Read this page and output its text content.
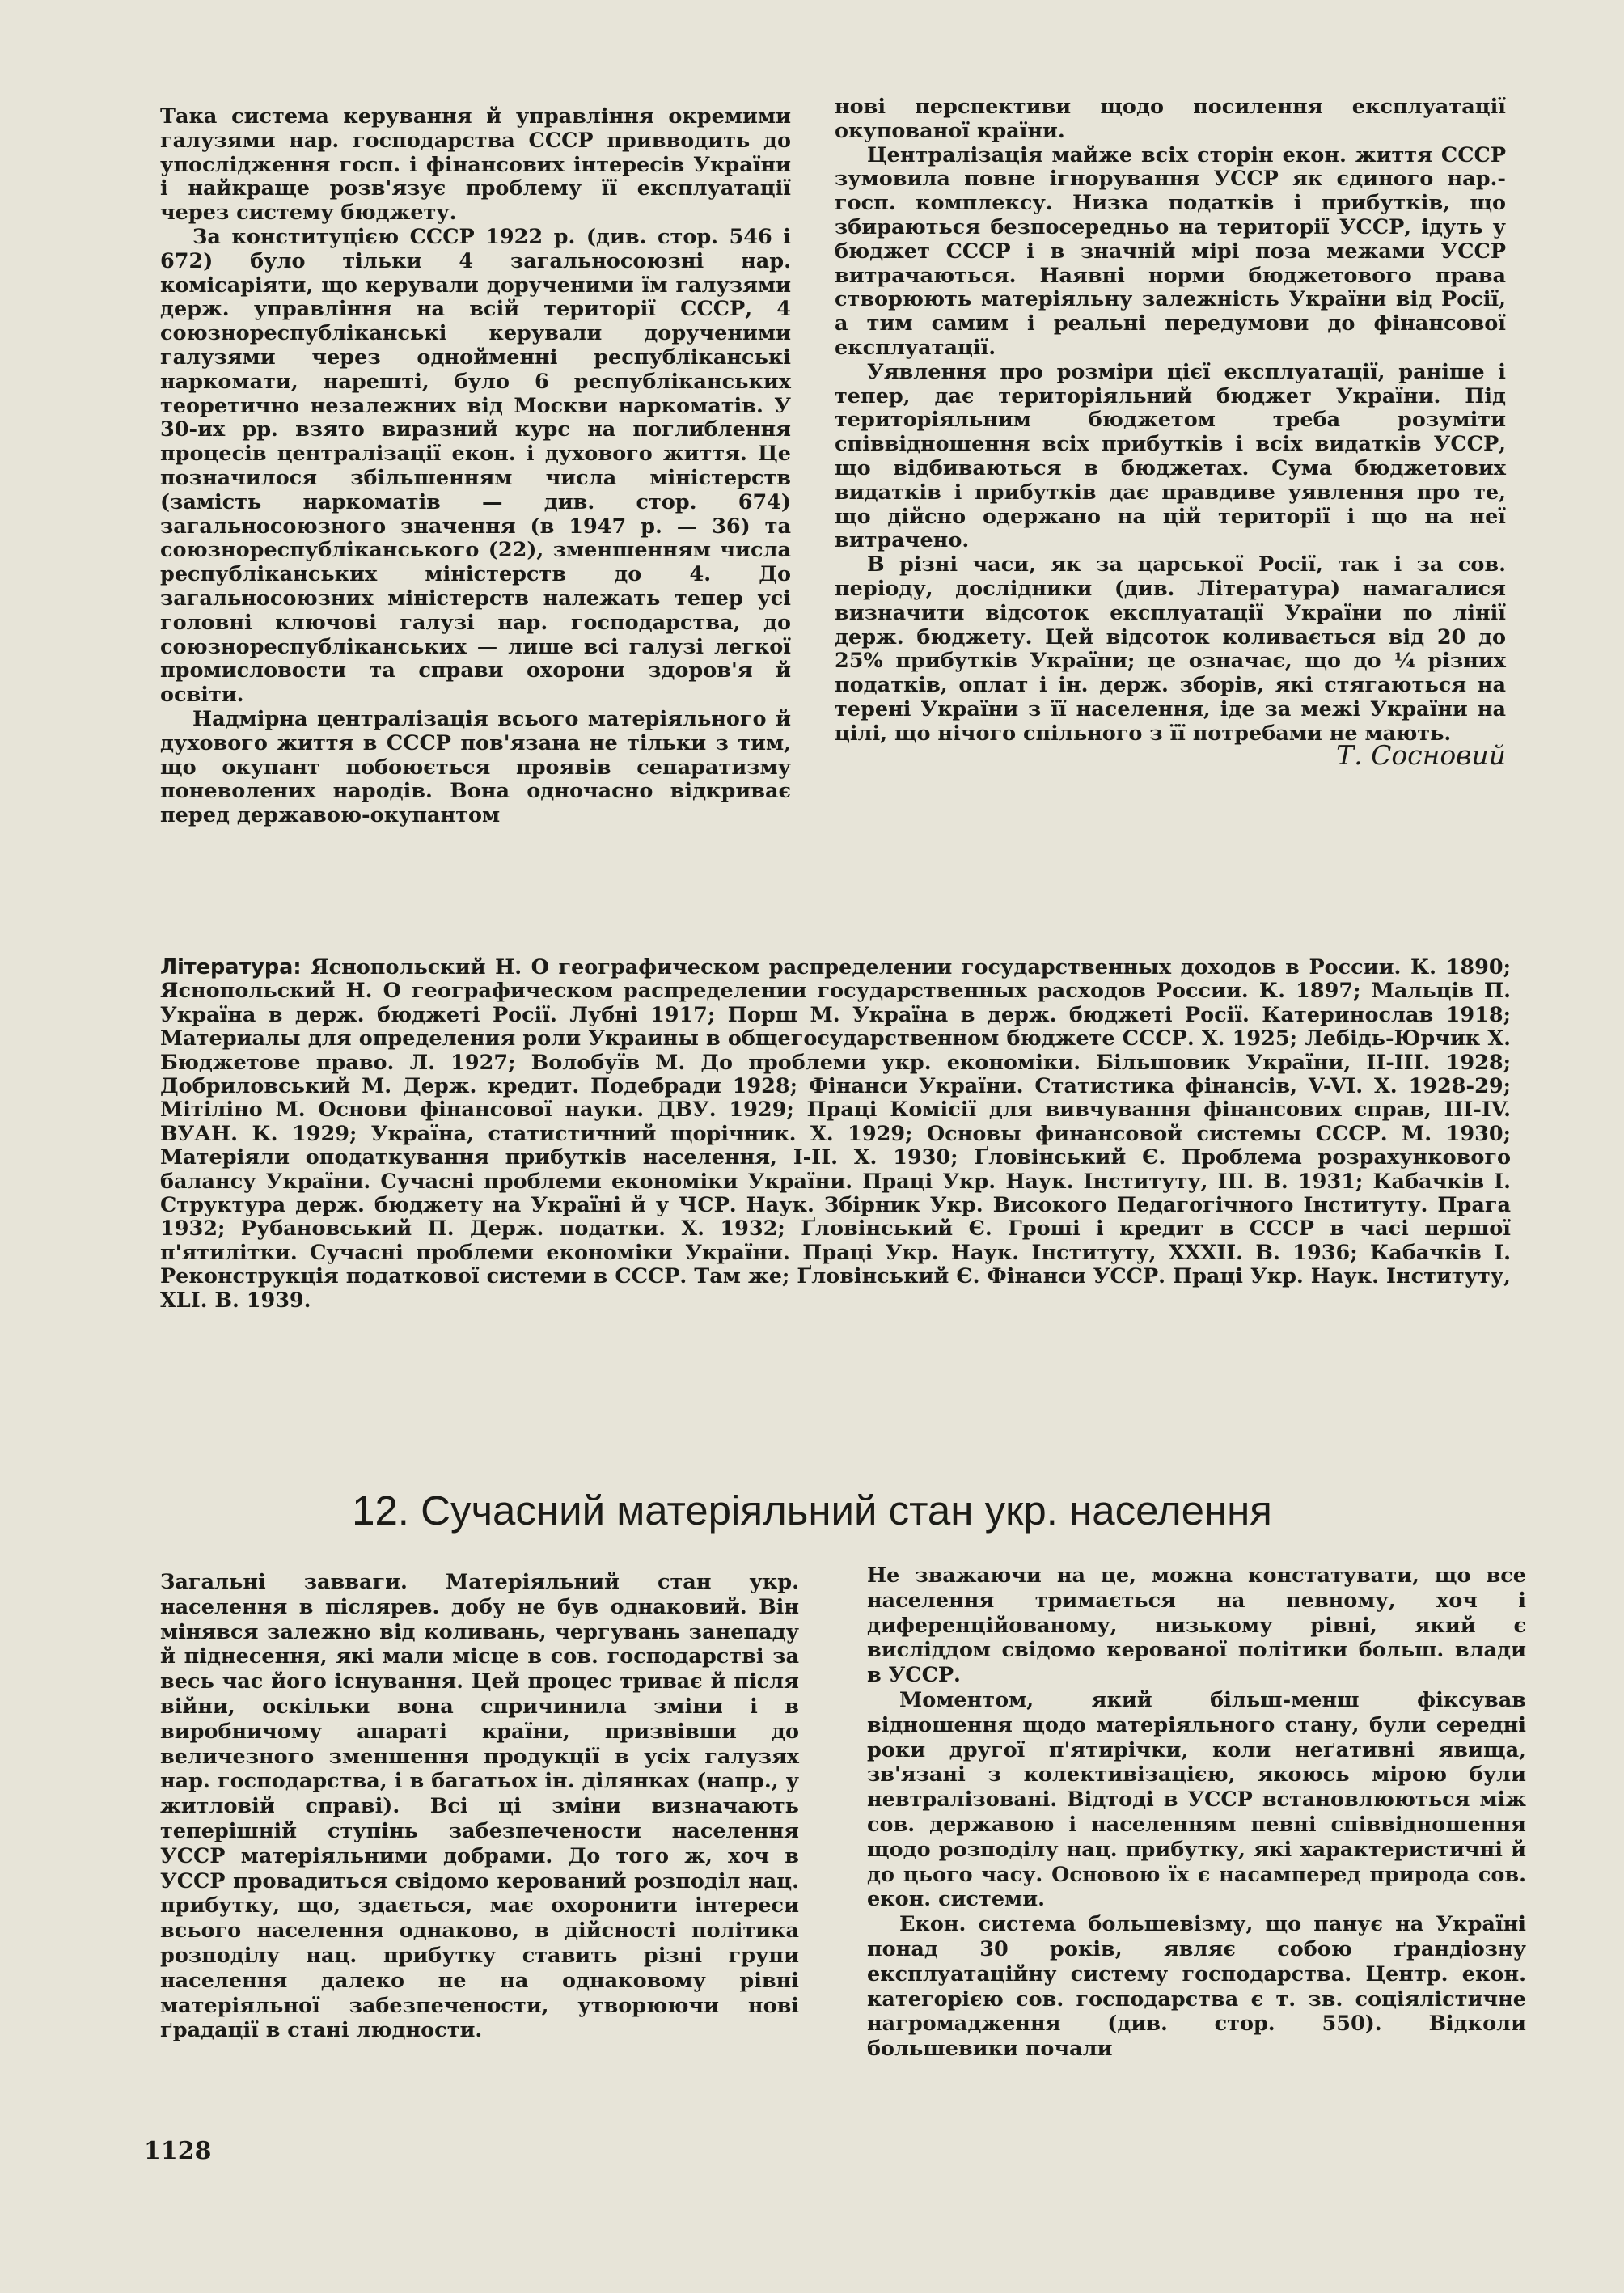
Така система керування й управління окремими галузями нар. господарства СССР привводить до упослідження госп. і фінансових інтересів України і найкраще розв'язує проблему її експлуатації через систему бюджету.

За конституцією СССР 1922 р. (див. стор. 546 і 672) було тільки 4 загальносоюзні нар. комісаріяти, що керували дорученими їм галузями держ. управління на всій території СССР, 4 союзнореспубліканські керували дорученими галузями через однойменні республіканські наркомати, нарешті, було 6 республіканських теоретично незалежних від Москви наркоматів. У 30-их рр. взято виразний курс на поглиблення процесів централізації екон. і духового життя. Це позначилося збільшенням числа міністерств (замість наркоматів — див. стор. 674) загальносоюзного значення (в 1947 р. — 36) та союзнореспубліканського (22), зменшенням числа республіканських міністерств до 4. До загальносоюзних міністерств належать тепер усі головні ключові галузі нар. господарства, до союзнореспубліканських — лише всі галузі легкої промисловости та справи охорони здоров'я й освіти.

Надмірна централізація всього матеріяльного й духового життя в СССР пов'язана не тільки з тим, що окупант побоюється проявів сепаратизму поневолених народів. Вона одночасно відкриває перед державою-окупантом

нові перспективи щодо посилення експлуатації окупованої країни.

Централізація майже всіх сторін екон. життя СССР зумовила повне ігнорування УССР як єдиного нар.-госп. комплексу. Низка податків і прибутків, що збираються безпосередньо на території УССР, ідуть у бюджет СССР і в значній мірі поза межами УССР витрачаються. Наявні норми бюджетового права створюють матеріяльну залежність України від Росії, а тим самим і реальні передумови до фінансової експлуатації.

Уявлення про розміри цієї експлуатації, раніше і тепер, дає територіяльний бюджет України. Під територіяльним бюджетом треба розуміти співвідношення всіх прибутків і всіх видатків УССР, що відбиваються в бюджетах. Сума бюджетових видатків і прибутків дає правдиве уявлення про те, що дійсно одержано на цій території і що на неї витрачено.

В різні часи, як за царської Росії, так і за сов. періоду, дослідники (див. Література) намагалися визначити відсоток експлуатації України по лінії держ. бюджету. Цей відсоток коливається від 20 до 25% прибутків України; це означає, що до ¼ різних податків, оплат і ін. держ. зборів, які стягаються на терені України з її населення, іде за межі України на цілі, що нічого спільного з її потребами не мають.

Т. Сосновий
Література: Яснопольский Н. О географическом распределении государственных доходов в России. К. 1890; Яснопольский Н. О географическом распределении государственных расходов России. К. 1897; Мальців П. Україна в держ. бюджеті Росії. Лубні 1917; Порш М. Україна в держ. бюджеті Росії. Катеринослав 1918; Материалы для определения роли Украины в общегосударственном бюджете СССР. Х. 1925; Лебідь-Юрчик Х. Бюджетове право. Л. 1927; Волобуїв М. До проблеми укр. економіки. Більшовик України, II-III. 1928; Добриловський М. Держ. кредит. Подебради 1928; Фінанси України. Статистика фінансів, V-VI. Х. 1928-29; Мітіліно М. Основи фінансової науки. ДВУ. 1929; Праці Комісії для вивчування фінансових справ, III-IV. ВУАН. К. 1929; Україна, статистичний щорічник. Х. 1929; Основы финансовой системы СССР. М. 1930; Матеріяли оподаткування прибутків населення, I-II. Х. 1930; Ґловінський Є. Проблема розрахункового балансу України. Сучасні проблеми економіки України. Праці Укр. Наук. Інституту, III. В. 1931; Кабачків І. Структура держ. бюджету на Україні й у ЧСР. Наук. Збірник Укр. Високого Педагогічного Інституту. Прага 1932; Рубановський П. Держ. податки. Х. 1932; Ґловінський Є. Гроші і кредит в СССР в часі першої п'ятилітки. Сучасні проблеми економіки України. Праці Укр. Наук. Інституту, XXXII. В. 1936; Кабачків І. Реконструкція податкової системи в СССР. Там же; Ґловінський Є. Фінанси УССР. Праці Укр. Наук. Інституту, XLI. В. 1939.
12. Сучасний матеріяльний стан укр. населення

Загальні завваги. Матеріяльний стан укр. населення в післярев. добу не був однаковий. Він мінявся залежно від коливань, чергувань занепаду й піднесення, які мали місце в сов. господарстві за весь час його існування. Цей процес триває й після війни, оскільки вона спричинила зміни і в виробничому апараті країни, призвівши до величезного зменшення продукції в усіх галузях нар. господарства, і в багатьох ін. ділянках (напр., у житловій справі). Всі ці зміни визначають теперішній ступінь забезпечености населення УССР матеріяльними добрами. До того ж, хоч в УССР провадиться свідомо керований розподіл нац. прибутку, що, здається, має охоронити інтереси всього населення однаково, в дійсності політика розподілу нац. прибутку ставить різні групи населення далеко не на однаковому рівні матеріяльної забезпечености, утворюючи нові ґрадації в стані людности.

Не зважаючи на це, можна констатувати, що все населення тримається на певному, хоч і диференційованому, низькому рівні, який є висліддом свідомо керованої політики больш. влади в УССР.

Моментом, який більш-менш фіксував відношення щодо матеріяльного стану, були середні роки другої п'ятирічки, коли неґативні явища, зв'язані з колективізацією, якоюсь мірою були невтралізовані. Відтоді в УССР встановлюються між сов. державою і населенням певні співвідношення щодо розподілу нац. прибутку, які характеристичні й до цього часу. Основою їх є насамперед природа сов. екон. системи.

Екон. система большевізму, що панує на Україні понад 30 років, являє собою ґрандіозну експлуатаційну систему господарства. Центр. екон. категорією сов. господарства є т. зв. соціялістичне нагромадження (див. стор. 550). Відколи большевики почали

1128
